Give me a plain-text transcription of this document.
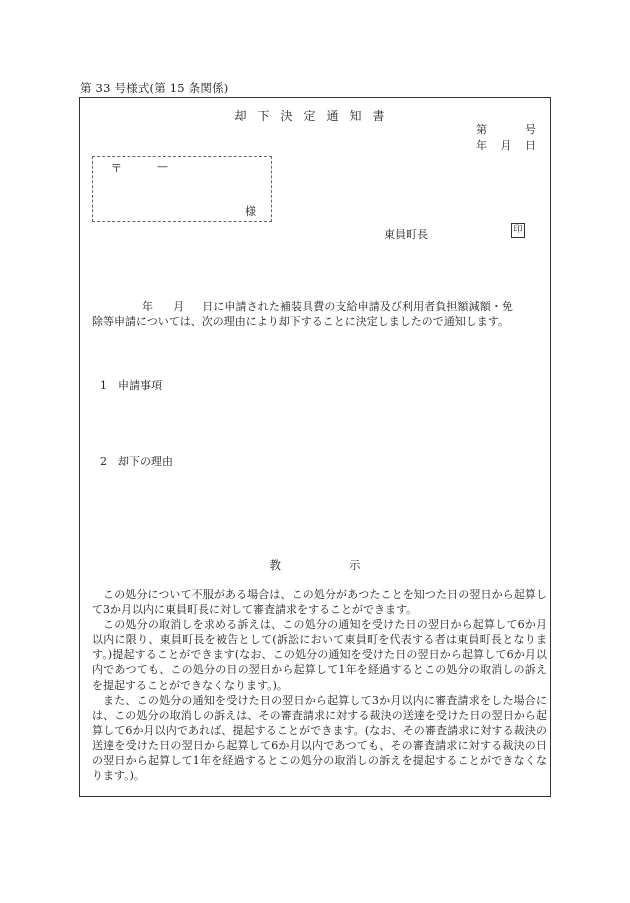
第 33 号様式(第 15 条関係)
却下決定通知書
第	号
年 月 日
〒	—
様
東員町長	印
年 月 日に申請された補装具費の支給申請及び利用者負担額減額・免
除等申請については、次の理由により却下することに決定しましたので通知します。
1 申請事項
2 却下の理由
教	示

この処分について不服がある場合は、この処分があつたことを知つた日の翌日から起算して3か月以内に東員町長に対して審査請求をすることができます。

この処分の取消しを求める訴えは、この処分の通知を受けた日の翌日から起算して6か月以内に限り、東員町長を被告として(訴訟において東員町を代表する者は東員町長となります。)提起することができます(なお、この処分の通知を受けた日の翌日から起算して6か月以内であつても、この処分の日の翌日から起算して1年を経過するとこの処分の取消しの訴えを提起することができなくなります。)。

また、この処分の通知を受けた日の翌日から起算して3か月以内に審査請求をした場合には、この処分の取消しの訴えは、その審査請求に対する裁決の送達を受けた日の翌日から起算して6か月以内であれば、提起することができます。(なお、その審査請求に対する裁決の送達を受けた日の翌日から起算して6か月以内であつても、その審査請求に対する裁決の日の翌日から起算して1年を経過するとこの処分の取消しの訴えを提起することができなくなります。)。
